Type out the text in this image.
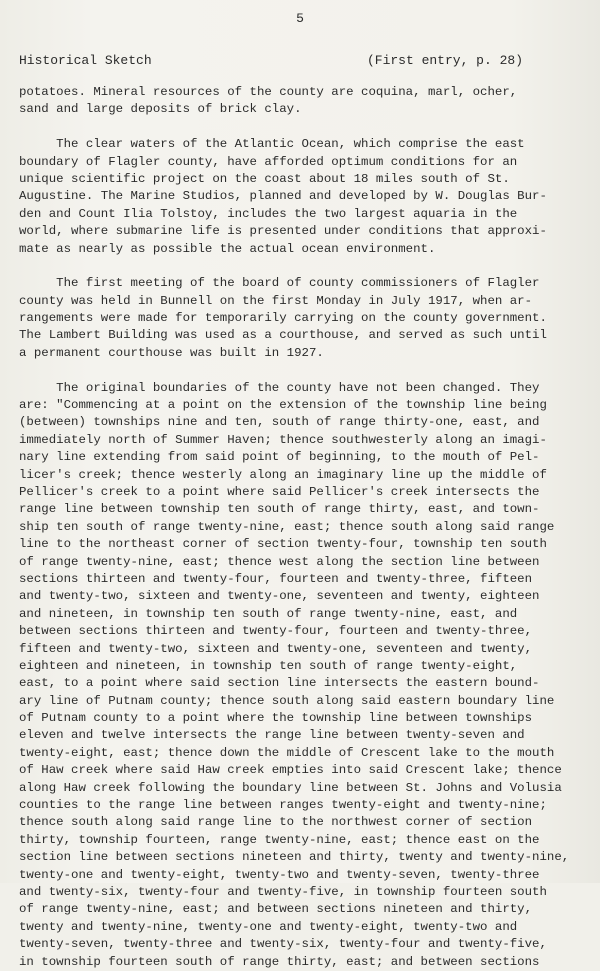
5

Historical Sketch

	(First entry, p. 28)

potatoes. Mineral resources of the county are coquina, marl, ocher,
sand and large deposits of brick clay.
The clear waters of the Atlantic Ocean, which comprise the east
boundary of Flagler county, have afforded optimum conditions for an
unique scientific project on the coast about 18 miles south of St.
Augustine. The Marine Studios, planned and developed by W. Douglas Bur-
den and Count Ilia Tolstoy, includes the two largest aquaria in the
world, where submarine life is presented under conditions that approxi-
mate as nearly as possible the actual ocean environment.
The first meeting of the board of county commissioners of Flagler
county was held in Bunnell on the first Monday in July 1917, when ar-
rangements were made for temporarily carrying on the county government.
The Lambert Building was used as a courthouse, and served as such until
a permanent courthouse was built in 1927.
The original boundaries of the county have not been changed. They
are: "Commencing at a point on the extension of the township line being
(between) townships nine and ten, south of range thirty-one, east, and
immediately north of Summer Haven; thence southwesterly along an imagi-
nary line extending from said point of beginning, to the mouth of Pel-
licer's creek; thence westerly along an imaginary line up the middle of
Pellicer's creek to a point where said Pellicer's creek intersects the
range line between township ten south of range thirty, east, and town-
ship ten south of range twenty-nine, east; thence south along said range
line to the northeast corner of section twenty-four, township ten south
of range twenty-nine, east; thence west along the section line between
sections thirteen and twenty-four, fourteen and twenty-three, fifteen
and twenty-two, sixteen and twenty-one, seventeen and twenty, eighteen
and nineteen, in township ten south of range twenty-nine, east, and
between sections thirteen and twenty-four, fourteen and twenty-three,
fifteen and twenty-two, sixteen and twenty-one, seventeen and twenty,
eighteen and nineteen, in township ten south of range twenty-eight,
east, to a point where said section line intersects the eastern bound-
ary line of Putnam county; thence south along said eastern boundary line
of Putnam county to a point where the township line between townships
eleven and twelve intersects the range line between twenty-seven and
twenty-eight, east; thence down the middle of Crescent lake to the mouth
of Haw creek where said Haw creek empties into said Crescent lake; thence
along Haw creek following the boundary line between St. Johns and Volusia
counties to the range line between ranges twenty-eight and twenty-nine;
thence south along said range line to the northwest corner of section
thirty, township fourteen, range twenty-nine, east; thence east on the
section line between sections nineteen and thirty, twenty and twenty-nine,
twenty-one and twenty-eight, twenty-two and twenty-seven, twenty-three
and twenty-six, twenty-four and twenty-five, in township fourteen south
of range twenty-nine, east; and between sections nineteen and thirty,
twenty and twenty-nine, twenty-one and twenty-eight, twenty-two and
twenty-seven, twenty-three and twenty-six, twenty-four and twenty-five,
in township fourteen south of range thirty, east; and between sections
